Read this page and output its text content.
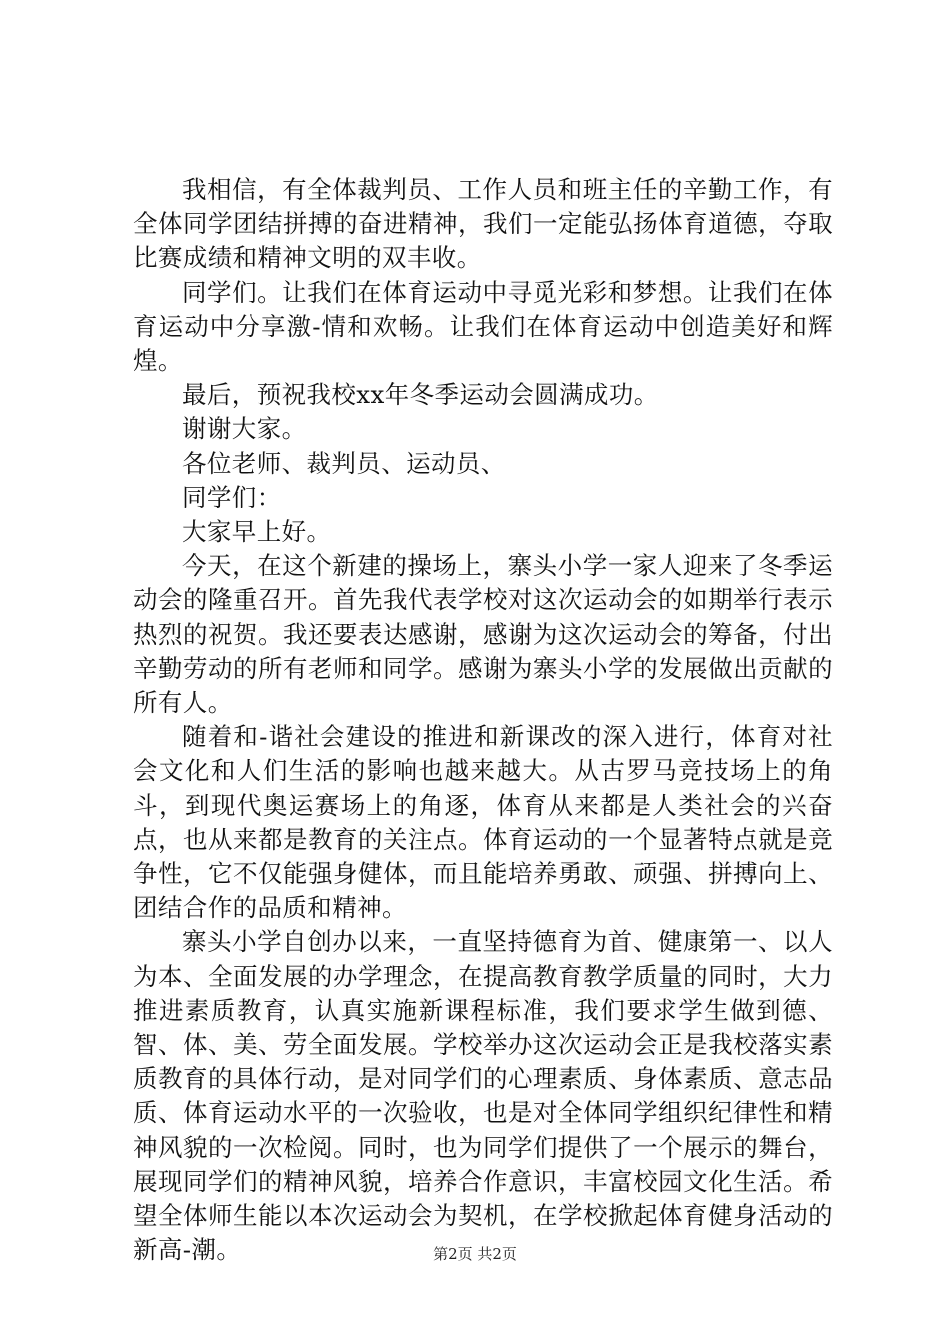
我相信，有全体裁判员、工作人员和班主任的辛勤工作，有全体同学团结拼搏的奋进精神，我们一定能弘扬体育道德，夺取比赛成绩和精神文明的双丰收。

同学们。让我们在体育运动中寻觅光彩和梦想。让我们在体育运动中分享激-情和欢畅。让我们在体育运动中创造美好和辉煌。

最后，预祝我校xx年冬季运动会圆满成功。

谢谢大家。

各位老师、裁判员、运动员、

同学们：

大家早上好。

今天，在这个新建的操场上，寨头小学一家人迎来了冬季运动会的隆重召开。首先我代表学校对这次运动会的如期举行表示热烈的祝贺。我还要表达感谢，感谢为这次运动会的筹备，付出辛勤劳动的所有老师和同学。感谢为寨头小学的发展做出贡献的所有人。

随着和-谐社会建设的推进和新课改的深入进行，体育对社会文化和人们生活的影响也越来越大。从古罗马竞技场上的角斗，到现代奥运赛场上的角逐，体育从来都是人类社会的兴奋点，也从来都是教育的关注点。体育运动的一个显著特点就是竞争性，它不仅能强身健体，而且能培养勇敢、顽强、拼搏向上、团结合作的品质和精神。

寨头小学自创办以来，一直坚持德育为首、健康第一、以人为本、全面发展的办学理念，在提高教育教学质量的同时，大力推进素质教育，认真实施新课程标准，我们要求学生做到德、智、体、美、劳全面发展。学校举办这次运动会正是我校落实素质教育的具体行动，是对同学们的心理素质、身体素质、意志品质、体育运动水平的一次验收，也是对全体同学组织纪律性和精神风貌的一次检阅。同时，也为同学们提供了一个展示的舞台，展现同学们的精神风貌，培养合作意识，丰富校园文化生活。希望全体师生能以本次运动会为契机，在学校掀起体育健身活动的新高-潮。	第2页 共2页
